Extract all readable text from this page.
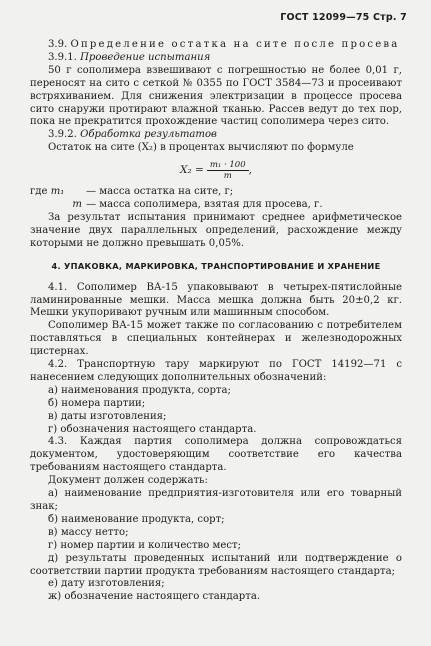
ГОСТ 12099—75 Стр. 7

3.9. Определение остатка на сите после просева

3.9.1. Проведение испытания

50 г сополимера взвешивают с погрешностью не более 0,01 г, переносят на сито с сеткой № 0355 по ГОСТ 3584—73 и просеивают встряхиванием. Для снижения электризации в процессе просева сито снаружи протирают влажной тканью. Рассев ведут до тех пор, пока не прекратится прохождение частиц сополимера через сито.

3.9.2. Обработка результатов

Остаток на сите (X₂) в процентах вычисляют по формуле

$X_2 = \frac{\text{m₁ · 100}}{m}$ ,
где m₁	— масса остатка на сите, г;
m — масса сополимера, взятая для просева, г.

За результат испытания принимают среднее арифметическое значение двух параллельных определений, расхождение между которыми не должно превышать 0,05%.

4. УПАКОВКА, МАРКИРОВКА, ТРАНСПОРТИРОВАНИЕ И ХРАНЕНИЕ

4.1. Сополимер ВА-15 упаковывают в четырех-пятислойные ламинированные мешки. Масса мешка должна быть 20±0,2 кг. Мешки укупоривают ручным или машинным способом.

Сополимер ВА-15 может также по согласованию с потребителем поставляться в специальных контейнерах и железнодорожных цистернах.

4.2. Транспортную тару маркируют по ГОСТ 14192—71 с нанесением следующих дополнительных обозначений:

а) наименования продукта, сорта;

б) номера партии;

в) даты изготовления;

г) обозначения настоящего стандарта.

4.3. Каждая партия сополимера должна сопровождаться документом, удостоверяющим соответствие его качества требованиям настоящего стандарта.

Документ должен содержать:

а) наименование предприятия-изготовителя или его товарный знак;

б) наименование продукта, сорт;

в) массу нетто;

г) номер партии и количество мест;

д) результаты проведенных испытаний или подтверждение о соответствии партии продукта требованиям настоящего стандарта;

е) дату изготовления;

ж) обозначение настоящего стандарта.
